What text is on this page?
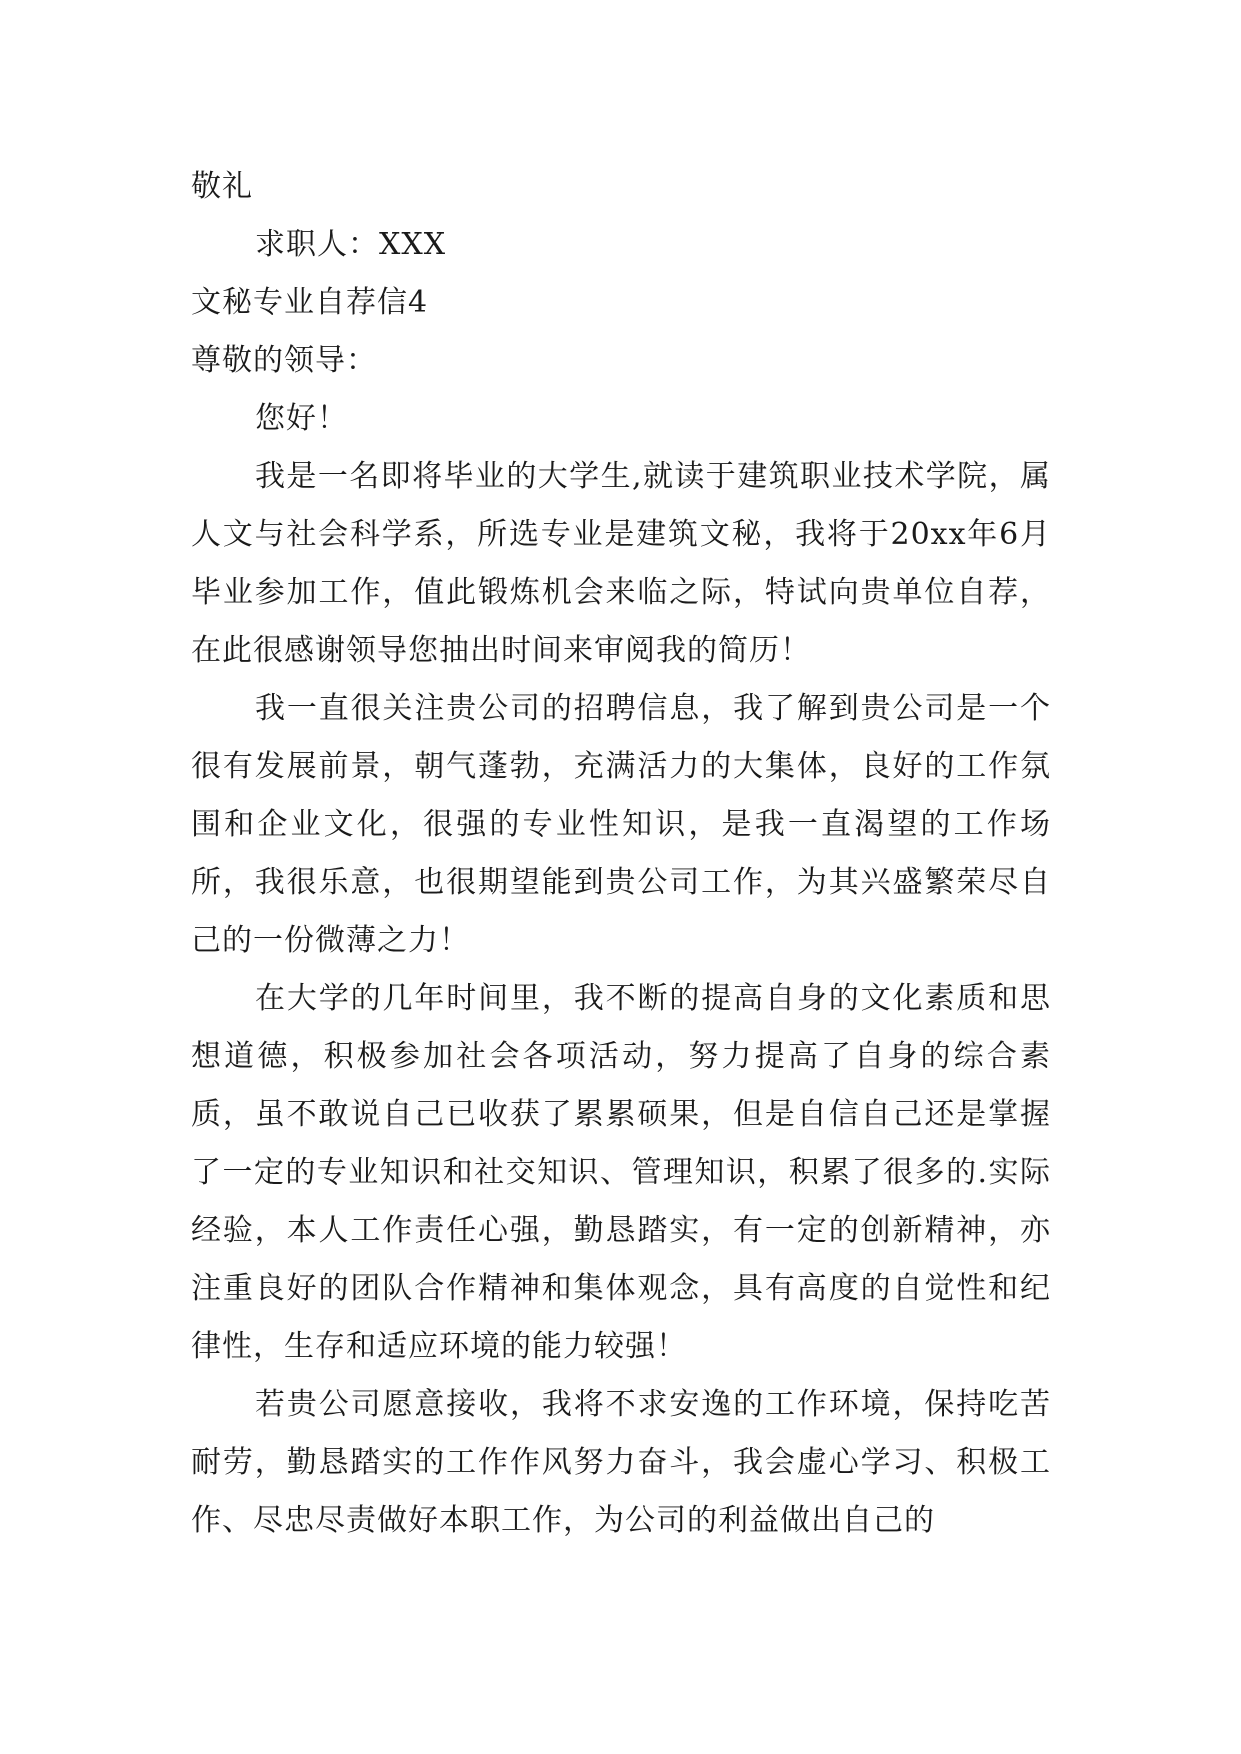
敬礼

求职人：XXX

文秘专业自荐信4

尊敬的领导：

您好！

我是一名即将毕业的大学生,就读于建筑职业技术学院，属人文与社会科学系，所选专业是建筑文秘，我将于20xx年6月毕业参加工作，值此锻炼机会来临之际，特试向贵单位自荐，在此很感谢领导您抽出时间来审阅我的简历！

我一直很关注贵公司的招聘信息，我了解到贵公司是一个很有发展前景，朝气蓬勃，充满活力的大集体，良好的工作氛围和企业文化，很强的专业性知识，是我一直渴望的工作场所，我很乐意，也很期望能到贵公司工作，为其兴盛繁荣尽自己的一份微薄之力！

在大学的几年时间里，我不断的提高自身的文化素质和思想道德，积极参加社会各项活动，努力提高了自身的综合素质，虽不敢说自己已收获了累累硕果，但是自信自己还是掌握了一定的专业知识和社交知识、管理知识，积累了很多的.实际经验，本人工作责任心强，勤恳踏实，有一定的创新精神，亦注重良好的团队合作精神和集体观念，具有高度的自觉性和纪律性，生存和适应环境的能力较强！

若贵公司愿意接收，我将不求安逸的工作环境，保持吃苦耐劳，勤恳踏实的工作作风努力奋斗，我会虚心学习、积极工作、尽忠尽责做好本职工作，为公司的利益做出自己的
